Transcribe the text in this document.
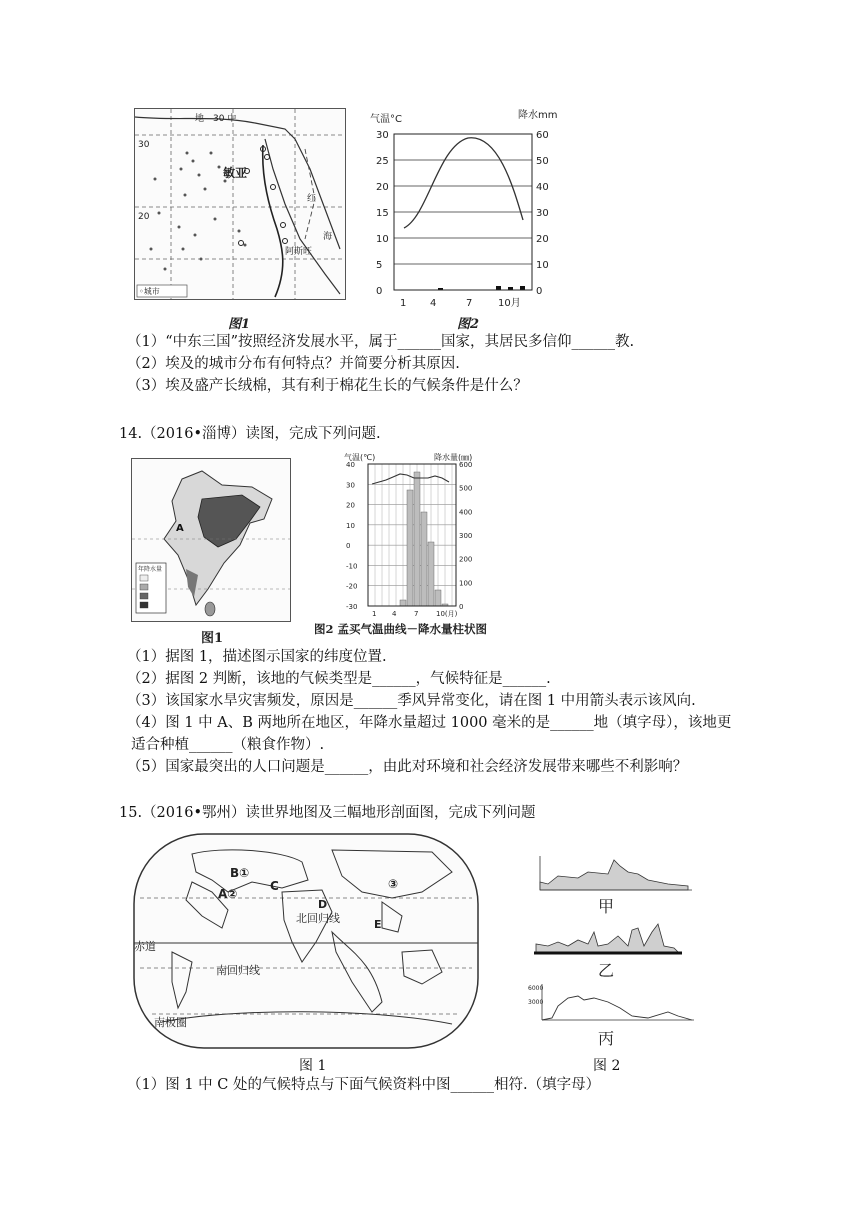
30
20
地　30 中
敏亚
红
海
阿斯旺
◦城市
图1
气温°C	降水mm
30
25
20
15
10
5
0
60
50
40
30
20
10
0
1 4	7	10月
图2
（1）“中东三国”按照经济发展水平，属于______国家，其居民多信仰______教.
（2）埃及的城市分布有何特点？并简要分析其原因.
（3）埃及盛产长绒棉，其有利于棉花生长的气候条件是什么？
14.（2016•淄博）读图，完成下列问题.
A
年降水量
图1
气温(℃)	降水量(㎜)
40
30
20
10
0
-10
-20
-30
600
500
400
300
200
100
0
1 4	7	10(月)
图2 孟买气温曲线－降水量柱状图
（1）据图 1，描述图示国家的纬度位置.
（2）据图 2 判断，该地的气候类型是______，气候特征是______.
（3）该国家水旱灾害频发，原因是______季风异常变化，请在图 1 中用箭头表示该风向.
（4）图 1 中 A、B 两地所在地区，年降水量超过 1000 毫米的是______地（填字母），该地更
适合种植______（粮食作物）.
（5）国家最突出的人口问题是______，由此对环境和社会经济发展带来哪些不利影响？
15.（2016•鄂州）读世界地图及三幅地形剖面图，完成下列问题
B①
A②
C
D
E
③
北回归线
赤道
南回归线
南极圈
图 1
甲
乙
6000
3000
丙
图 2
（1）图 1 中 C 处的气候特点与下面气候资料中图______相符.（填字母）
